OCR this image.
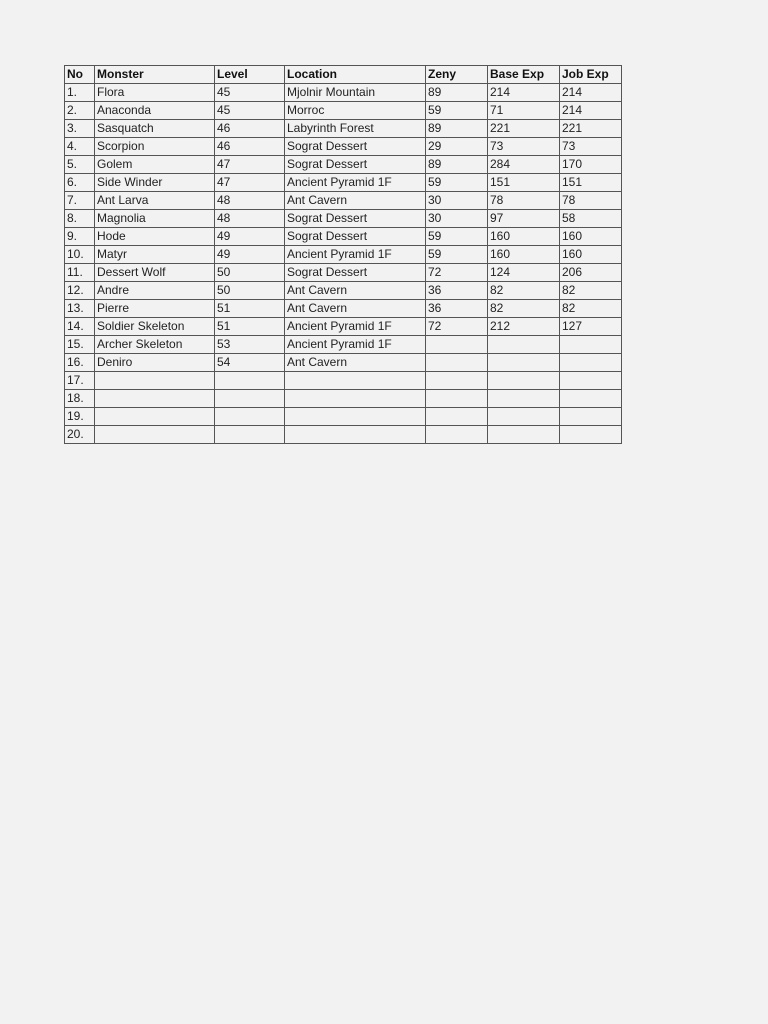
No	Monster	Level	Location	Zeny	Base Exp	Job Exp
1.	Flora	45	Mjolnir Mountain	89	214	214
2.	Anaconda	45	Morroc	59	71	214
3.	Sasquatch	46	Labyrinth Forest	89	221	221
4.	Scorpion	46	Sograt Dessert	29	73	73
5.	Golem	47	Sograt Dessert	89	284	170
6.	Side Winder	47	Ancient Pyramid 1F	59	151	151
7.	Ant Larva	48	Ant Cavern	30	78	78
8.	Magnolia	48	Sograt Dessert	30	97	58
9.	Hode	49	Sograt Dessert	59	160	160
10.	Matyr	49	Ancient Pyramid 1F	59	160	160
11.	Dessert Wolf	50	Sograt Dessert	72	124	206
12.	Andre	50	Ant Cavern	36	82	82
13.	Pierre	51	Ant Cavern	36	82	82
14.	Soldier Skeleton	51	Ancient Pyramid 1F	72	212	127
15.	Archer Skeleton	53	Ancient Pyramid 1F			
16.	Deniro	54	Ant Cavern			
17.						
18.						
19.						
20.						
